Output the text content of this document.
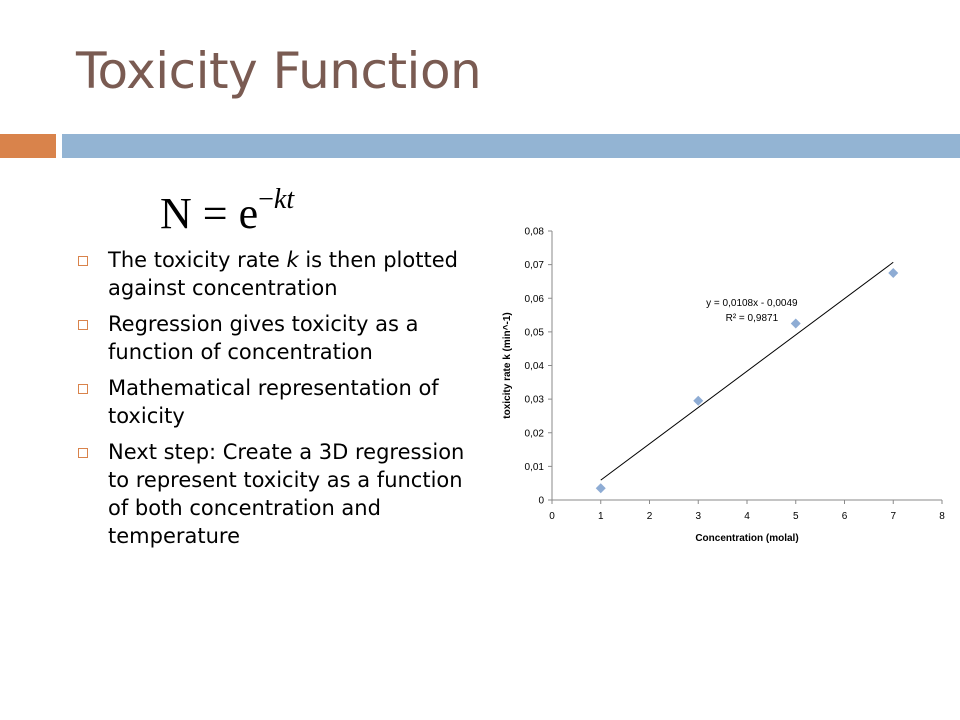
Toxicity Function
$N = e^{-kt}$
The toxicity rate k is then plotted against concentration
Regression gives toxicity as a function of concentration
Mathematical representation of toxicity
Next step: Create a 3D regression to represent toxicity as a function of both concentration and temperature
0
0,01
0,02
0,03
0,04
0,05
0,06
0,07
0,08
0	1	2	3	4	5	6	7	8
Concentration (molal)
toxicity rate k (min^-1)
y = 0,0108x - 0,0049
R² = 0,9871
